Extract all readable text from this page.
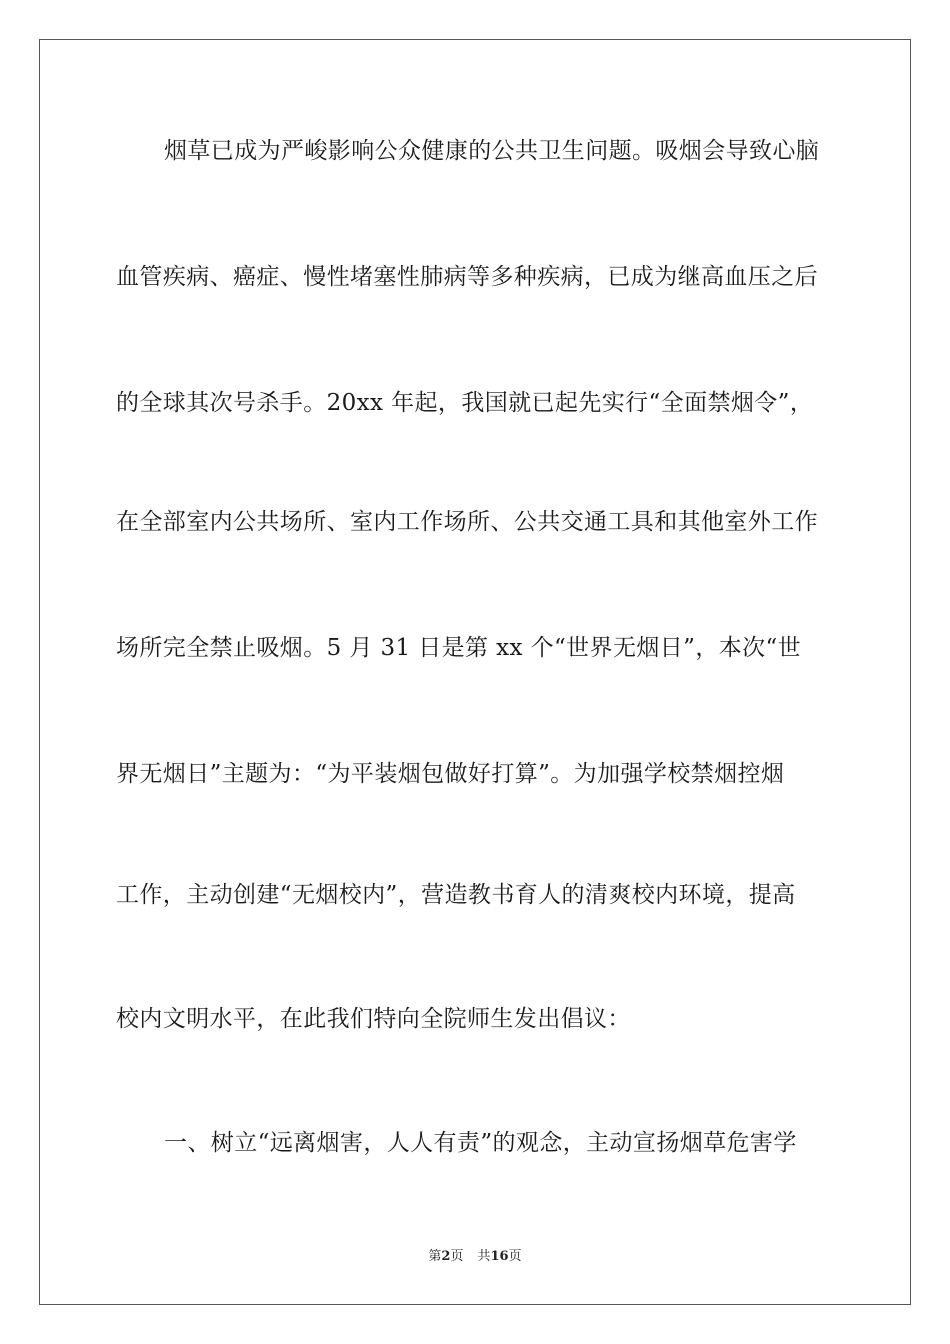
烟草已成为严峻影响公众健康的公共卫生问题。吸烟会导致心脑
血管疾病、癌症、慢性堵塞性肺病等多种疾病，已成为继高血压之后
的全球其次号杀手。20xx 年起，我国就已起先实行“全面禁烟令”，
在全部室内公共场所、室内工作场所、公共交通工具和其他室外工作
场所完全禁止吸烟。5 月 31 日是第 xx 个“世界无烟日”，本次“世
界无烟日”主题为：“为平装烟包做好打算”。为加强学校禁烟控烟
工作，主动创建“无烟校内”，营造教书育人的清爽校内环境，提高
校内文明水平，在此我们特向全院师生发出倡议：
一、树立“远离烟害，人人有责”的观念，主动宣扬烟草危害学
第2页 共16页
